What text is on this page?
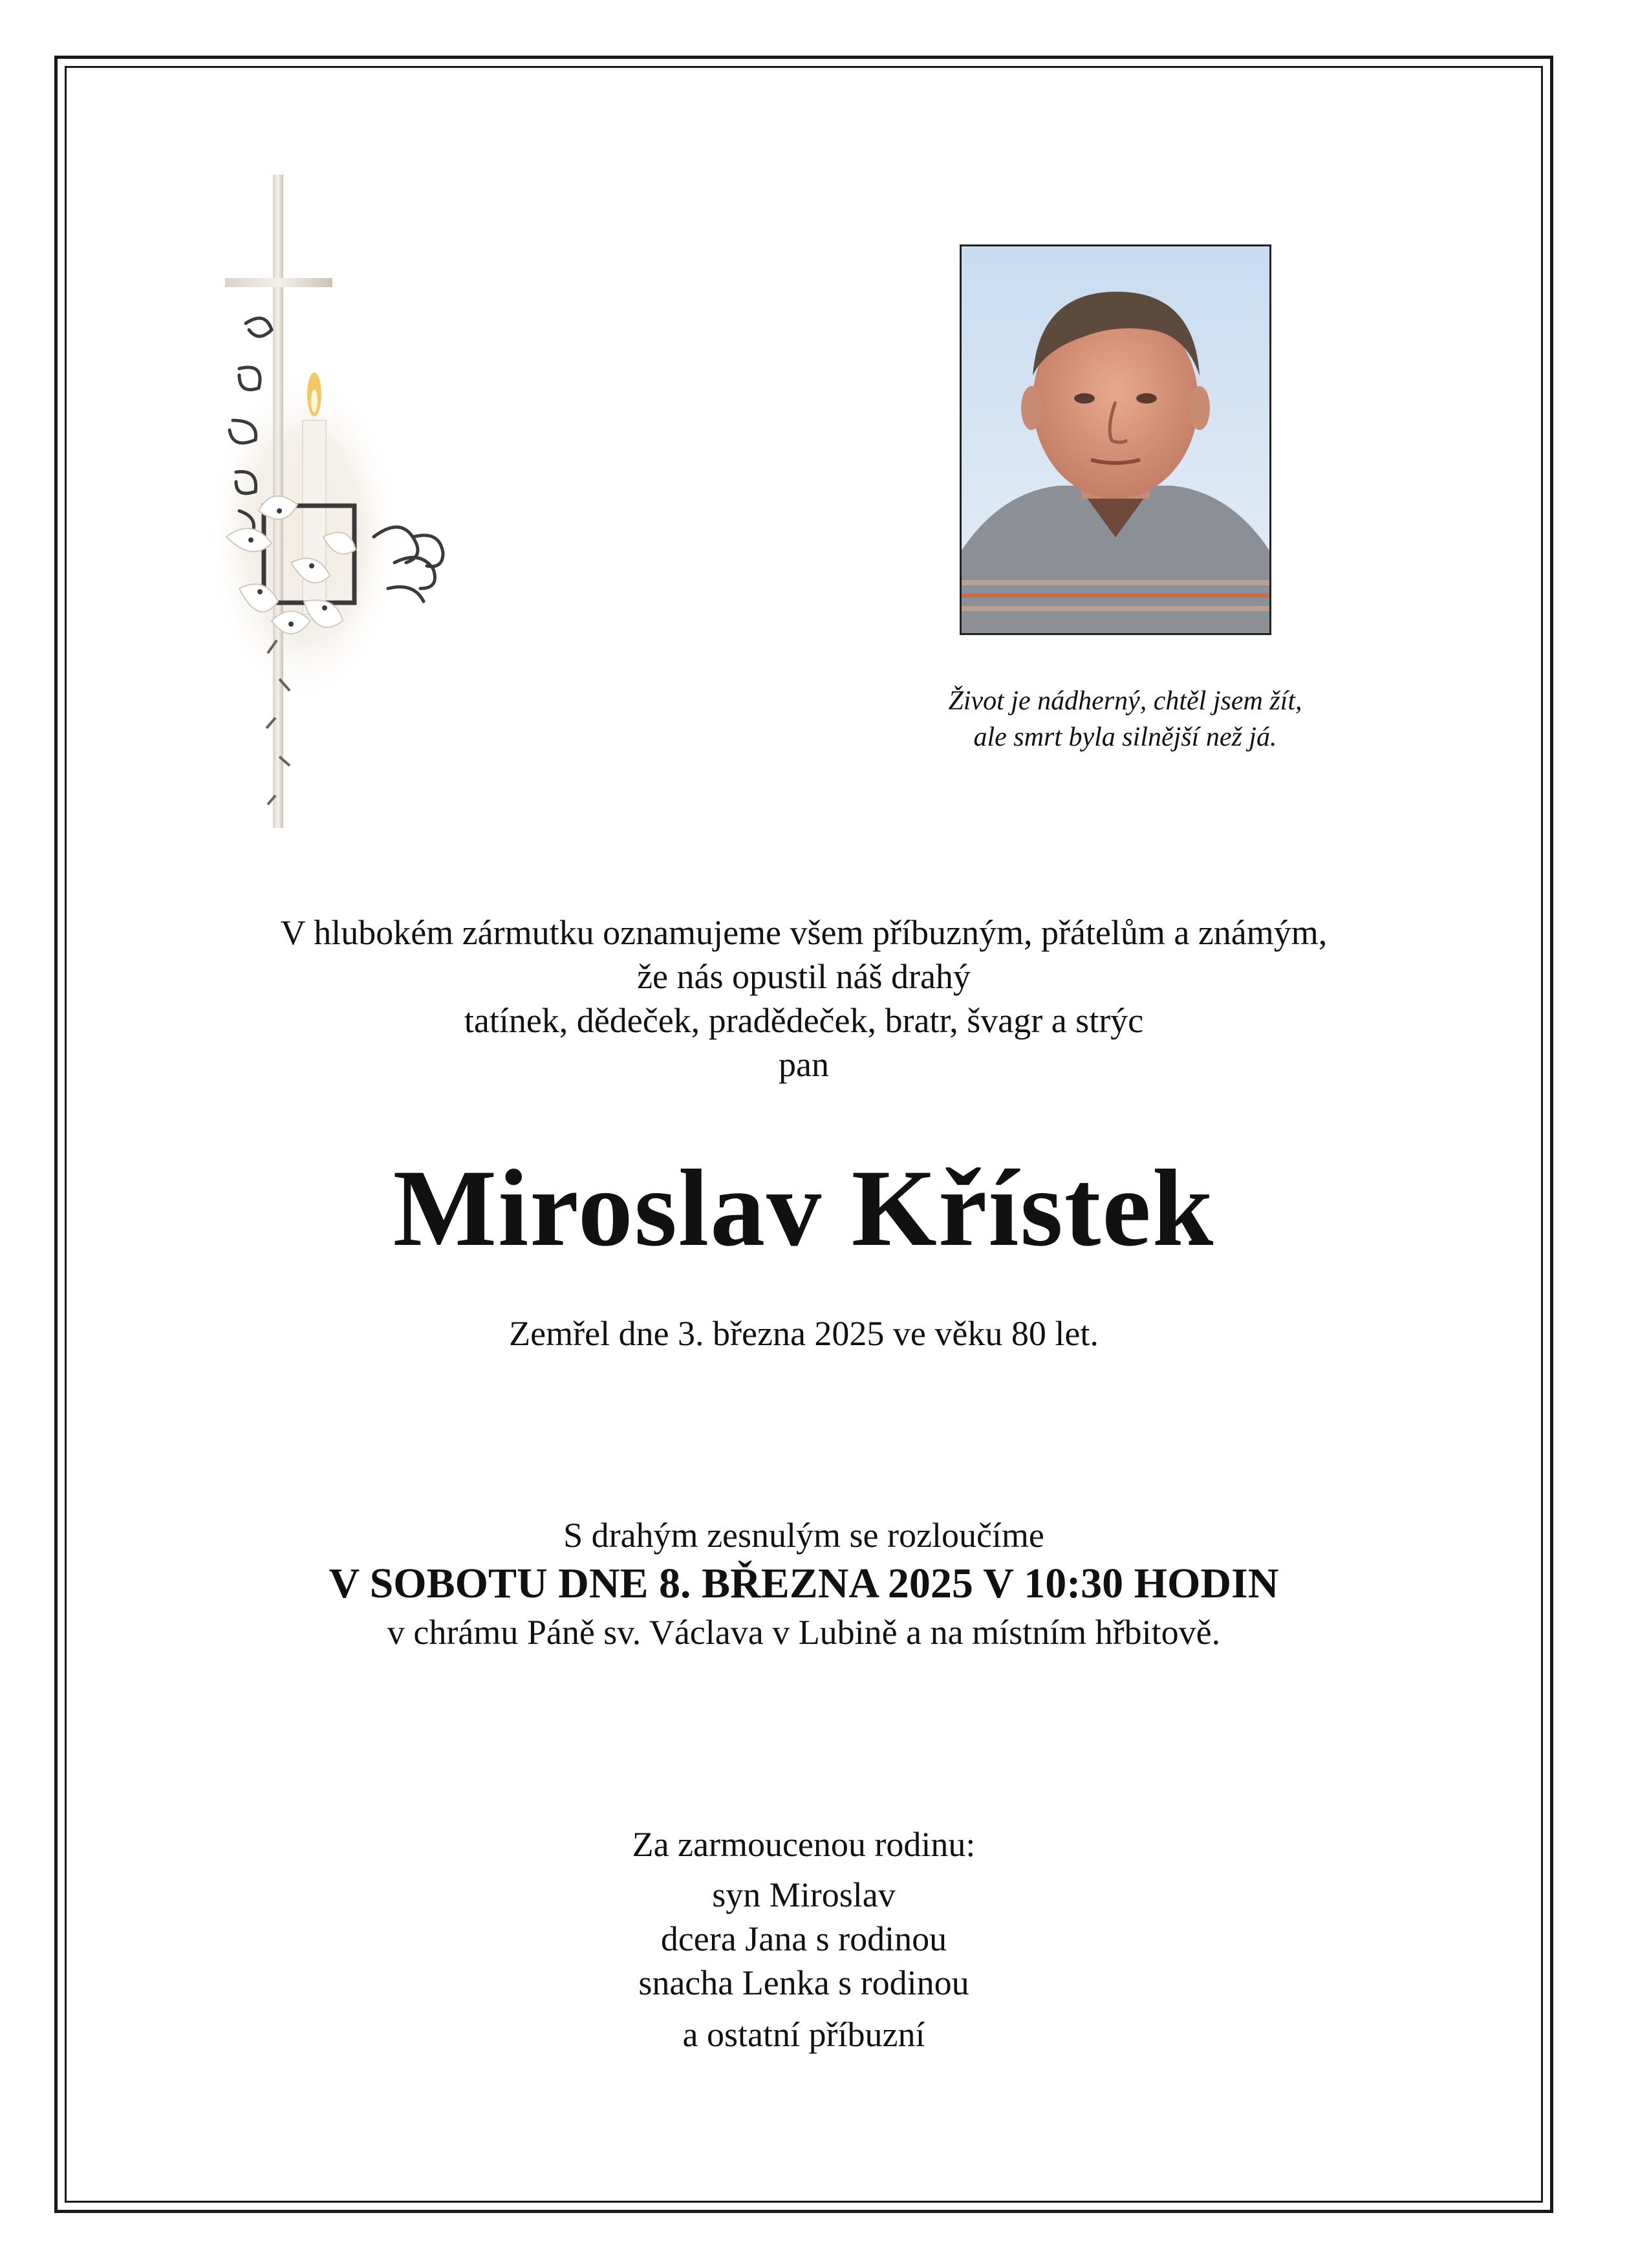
Život je nádherný, chtěl jsem žít,
ale smrt byla silnější než já.
V hlubokém zármutku oznamujeme všem příbuzným, přátelům a známým,
že nás opustil náš drahý
tatínek, dědeček, pradědeček, bratr, švagr a strýc
pan
Miroslav Křístek
Zemřel dne 3. března 2025 ve věku 80 let.
S drahým zesnulým se rozloučíme
V SOBOTU DNE 8. BŘEZNA 2025 V 10:30 HODIN
v chrámu Páně sv. Václava v Lubině a na místním hřbitově.
Za zarmoucenou rodinu:
syn Miroslav
dcera Jana s rodinou
snacha Lenka s rodinou
a ostatní příbuzní
